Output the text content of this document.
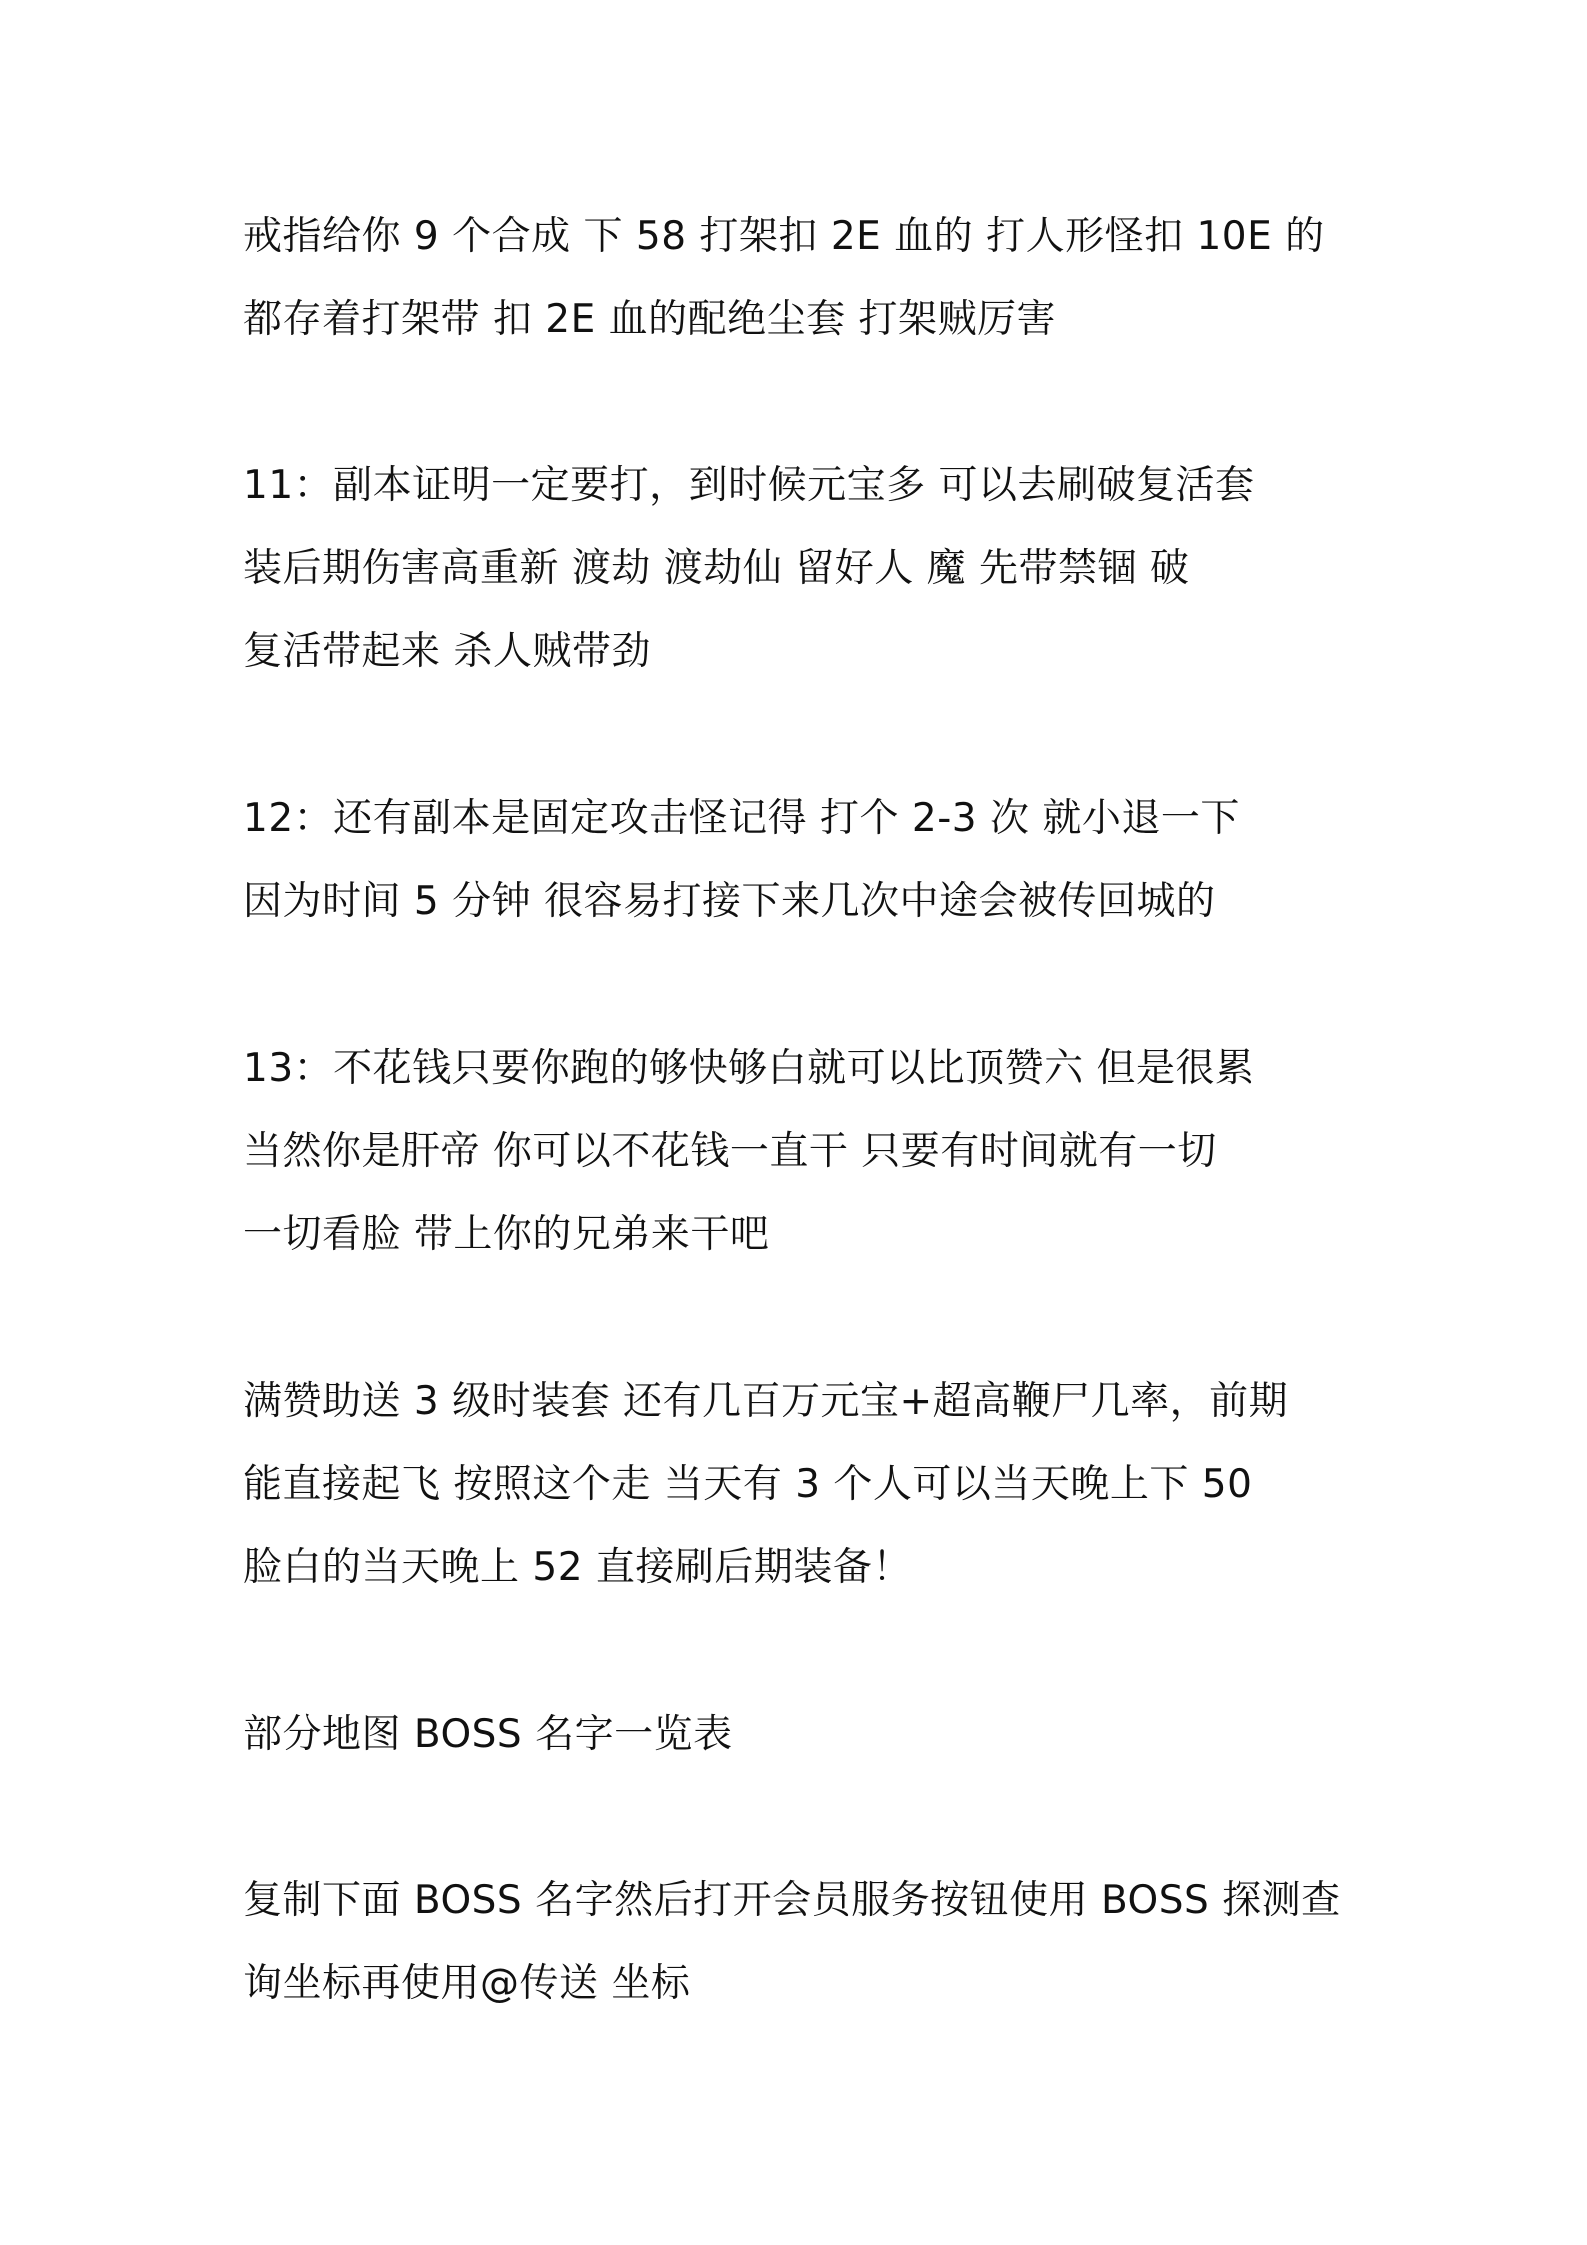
戒指给你 9 个合成 下 58 打架扣 2E 血的 打人形怪扣 10E 的
都存着打架带 扣 2E 血的配绝尘套 打架贼厉害
11：副本证明一定要打，到时候元宝多 可以去刷破复活套
装后期伤害高重新 渡劫 渡劫仙 留好人 魔 先带禁锢 破
复活带起来 杀人贼带劲
12：还有副本是固定攻击怪记得 打个 2-3 次 就小退一下
因为时间 5 分钟 很容易打接下来几次中途会被传回城的
13：不花钱只要你跑的够快够白就可以比顶赞六 但是很累
当然你是肝帝 你可以不花钱一直干 只要有时间就有一切
一切看脸 带上你的兄弟来干吧
满赞助送 3 级时装套 还有几百万元宝+超高鞭尸几率，前期
能直接起飞 按照这个走 当天有 3 个人可以当天晚上下 50
脸白的当天晚上 52 直接刷后期装备！
部分地图 BOSS 名字一览表
复制下面 BOSS 名字然后打开会员服务按钮使用 BOSS 探测查
询坐标再使用@传送 坐标
